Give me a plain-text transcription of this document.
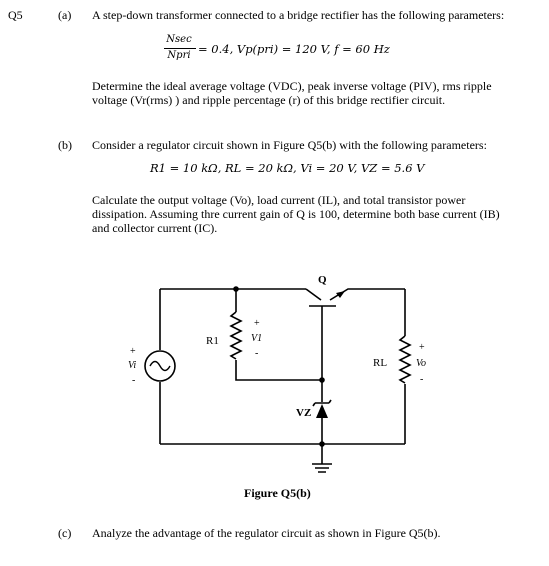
Q5	(a) A step-down transformer connected to a bridge rectifier has the following parameters:
Nsec
Npri = 0.4, Vp(pri) = 120 V, f = 60 Hz
Determine the ideal average voltage (VDC), peak inverse voltage (PIV), rms ripple
voltage (Vr(rms) ) and ripple percentage (r) of this bridge rectifier circuit.
(b) Consider a regulator circuit shown in Figure Q5(b) with the following parameters:
R1 = 10 kΩ, RL = 20 kΩ, Vi = 20 V, VZ = 5.6 V
Calculate the output voltage (Vo), load current (IL), and total transistor power
dissipation. Assuming thre current gain of Q is 100, determine both base current (IB)
and collector current (IC).
Q
R1
RL
+
Vi
-
+
V1
-
+
Vo
-
VZ
Figure Q5(b)
(c) Analyze the advantage of the regulator circuit as shown in Figure Q5(b).
